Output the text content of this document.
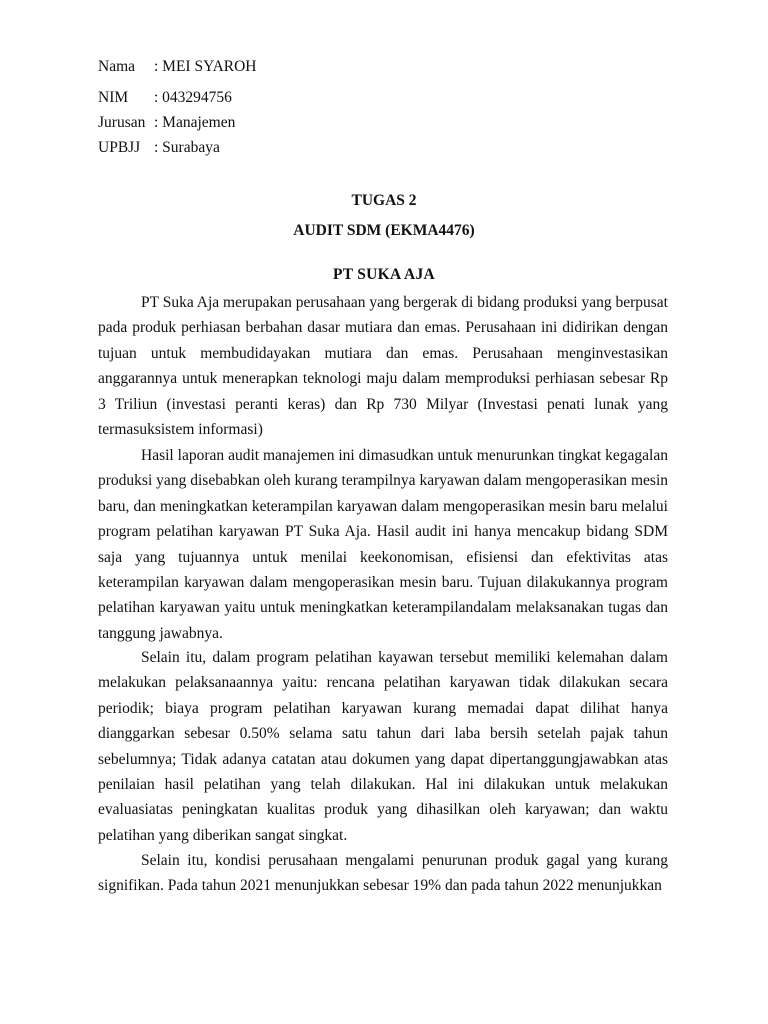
Nama : MEI SYAROH
NIM : 043294756
Jurusan : Manajemen
UPBJJ : Surabaya
TUGAS 2
AUDIT SDM (EKMA4476)
PT SUKA AJA

PT Suka Aja merupakan perusahaan yang bergerak di bidang produksi yang berpusat pada produk perhiasan berbahan dasar mutiara dan emas. Perusahaan ini didirikan dengan tujuan untuk membudidayakan mutiara dan emas. Perusahaan menginvestasikan anggarannya untuk menerapkan teknologi maju dalam memproduksi perhiasan sebesar Rp 3 Triliun (investasi peranti keras) dan Rp 730 Milyar (Investasi penati lunak yang termasuksistem informasi)

Hasil laporan audit manajemen ini dimasudkan untuk menurunkan tingkat kegagalan produksi yang disebabkan oleh kurang terampilnya karyawan dalam mengoperasikan mesin baru, dan meningkatkan keterampilan karyawan dalam mengoperasikan mesin baru melalui program pelatihan karyawan PT Suka Aja. Hasil audit ini hanya mencakup bidang SDM saja yang tujuannya untuk menilai keekonomisan, efisiensi dan efektivitas atas keterampilan karyawan dalam mengoperasikan mesin baru. Tujuan dilakukannya program pelatihan karyawan yaitu untuk meningkatkan keterampilandalam melaksanakan tugas dan tanggung jawabnya.

Selain itu, dalam program pelatihan kayawan tersebut memiliki kelemahan dalam melakukan pelaksanaannya yaitu: rencana pelatihan karyawan tidak dilakukan secara periodik; biaya program pelatihan karyawan kurang memadai dapat dilihat hanya dianggarkan sebesar 0.50% selama satu tahun dari laba bersih setelah pajak tahun sebelumnya; Tidak adanya catatan atau dokumen yang dapat dipertanggungjawabkan atas penilaian hasil pelatihan yang telah dilakukan. Hal ini dilakukan untuk melakukan evaluasiatas peningkatan kualitas produk yang dihasilkan oleh karyawan; dan waktu pelatihan yang diberikan sangat singkat.

Selain itu, kondisi perusahaan mengalami penurunan produk gagal yang kurang signifikan. Pada tahun 2021 menunjukkan sebesar 19% dan pada tahun 2022 menunjukkan
